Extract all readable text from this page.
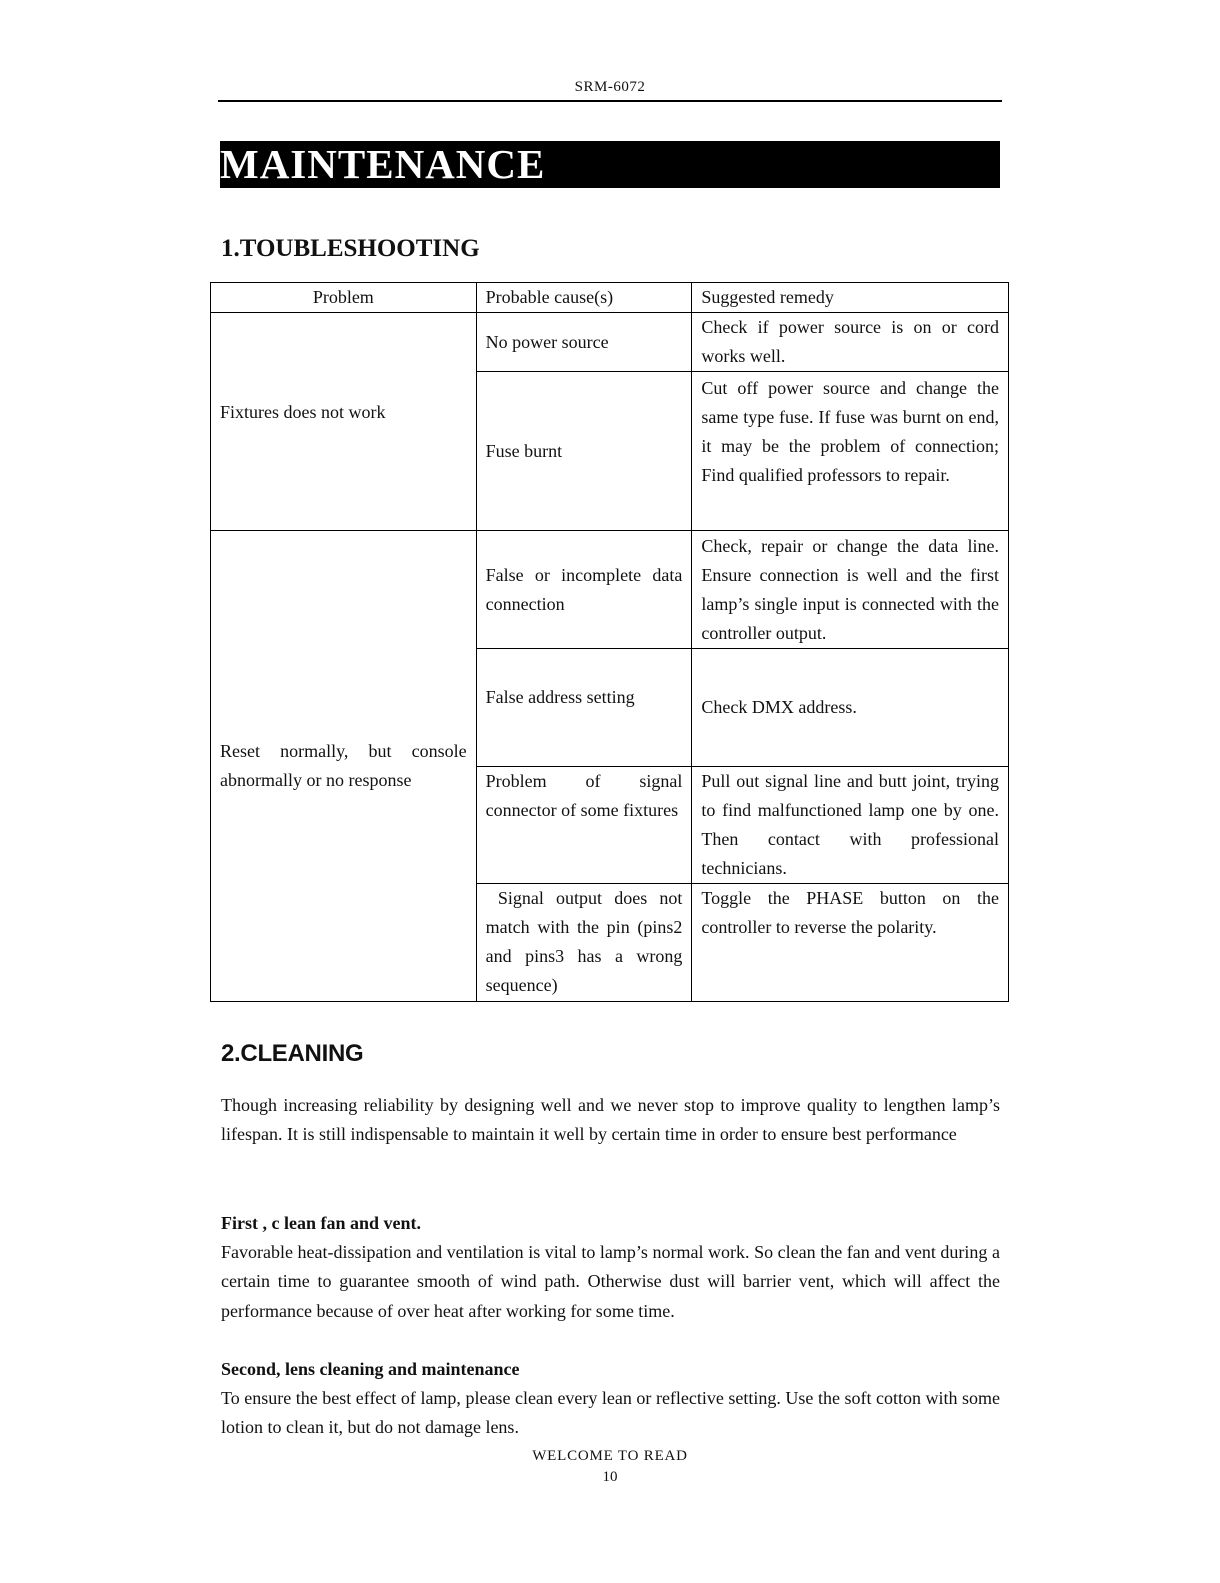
SRM-6072
MAINTENANCE
1.TOUBLESHOOTING
Problem	Probable cause(s)	Suggested remedy
Fixtures does not work	No power source	Check if power source is on or cord works well.
	Fuse burnt	Cut off power source and change the same type fuse. If fuse was burnt on end, it may be the problem of connection; Find qualified professors to repair.
Reset normally, but console abnormally or no response	False or incomplete data connection	Check, repair or change the data line. Ensure connection is well and the first lamp’s single input is connected with the controller output.
	False address setting	Check DMX address.
	Problem of signal connector of some fixtures	Pull out signal line and butt joint, trying to find malfunctioned lamp one by one. Then contact with professional technicians.
	Signal output does not match with the pin (pins2 and pins3 has a wrong sequence)	Toggle the PHASE button on the controller to reverse the polarity.
2.CLEANING

Though increasing reliability by designing well and we never stop to improve quality to lengthen lamp’s lifespan. It is still indispensable to maintain it well by certain time in order to ensure best performance

First , c lean fan and vent.

Favorable heat-dissipation and ventilation is vital to lamp’s normal work. So clean the fan and vent during a certain time to guarantee smooth of wind path. Otherwise dust will barrier vent, which will affect the performance because of over heat after working for some time.

Second, lens cleaning and maintenance

To ensure the best effect of lamp, please clean every lean or reflective setting. Use the soft cotton with some lotion to clean it, but do not damage lens.

WELCOME TO READ
10
